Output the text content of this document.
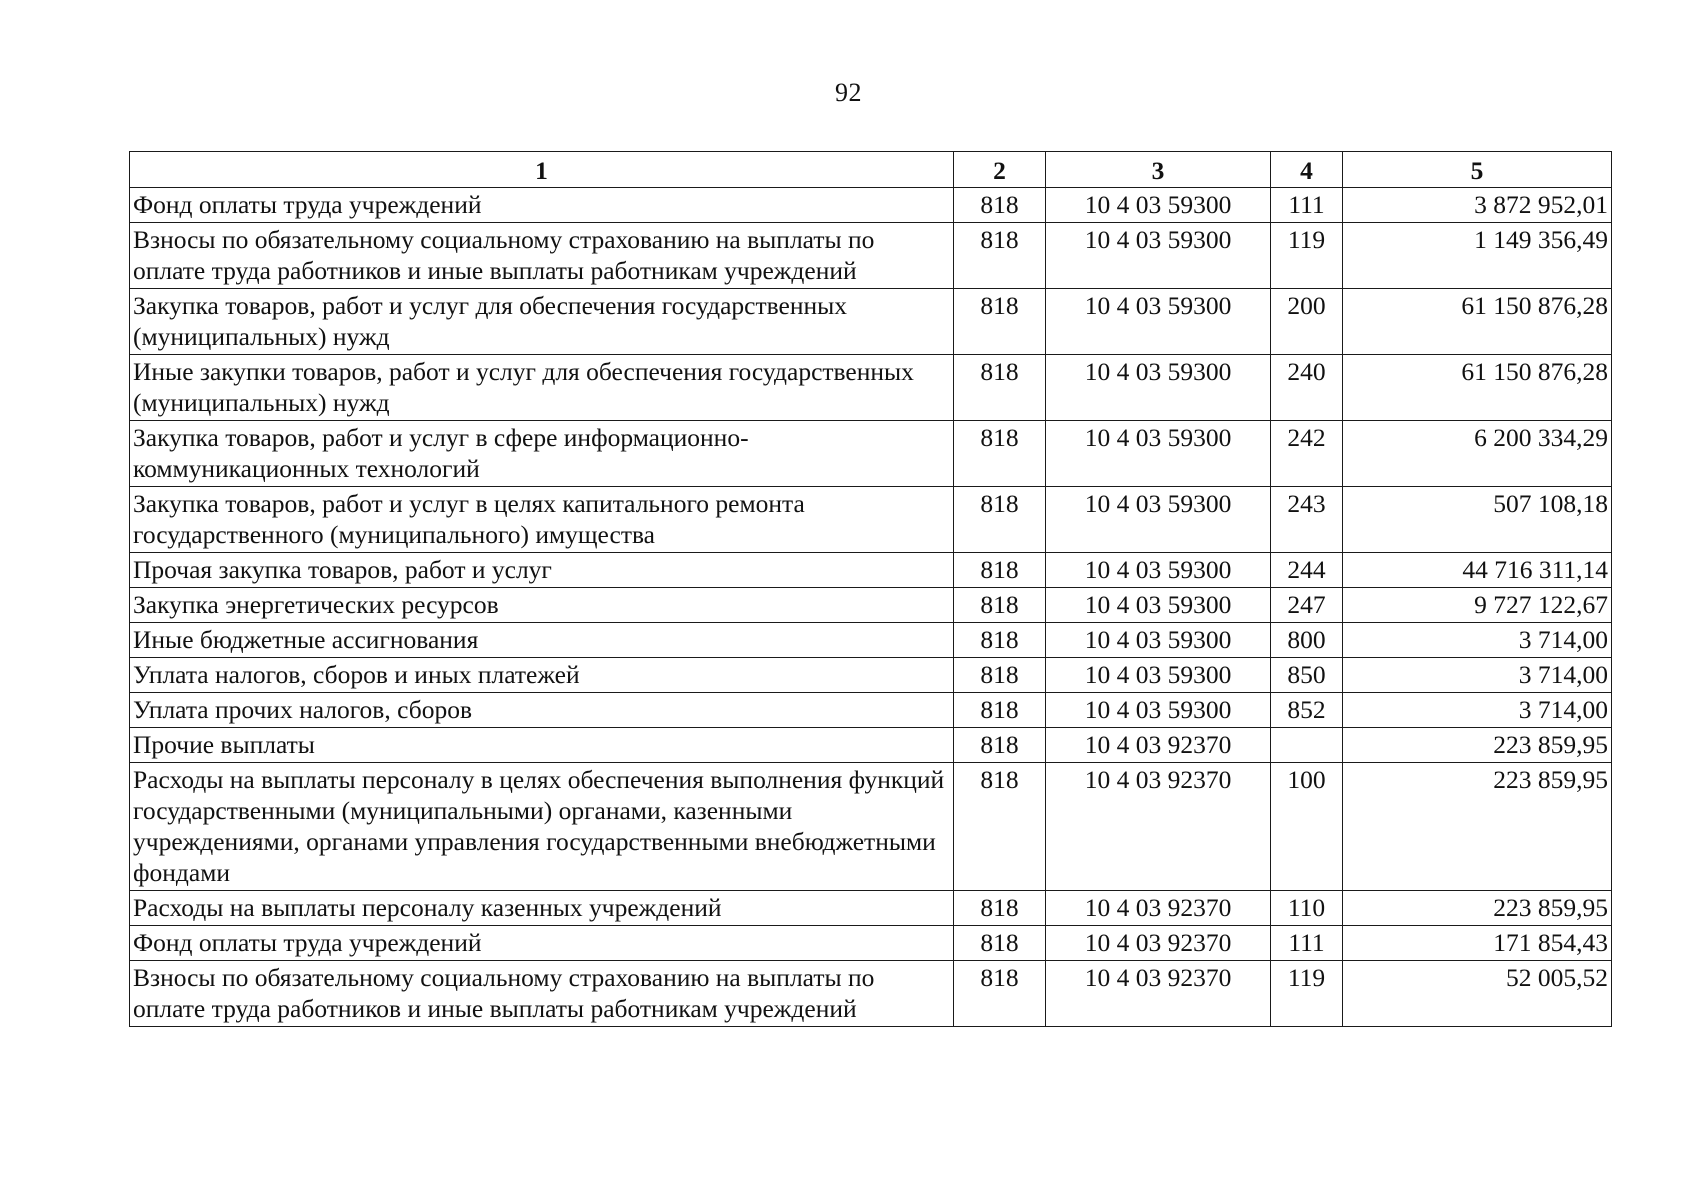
92
1	2	3	4	5
Фонд оплаты труда учреждений	818	10 4 03 59300	111	3 872 952,01
Взносы по обязательному социальному страхованию на выплаты по оплате труда работников и иные выплаты работникам учреждений	818	10 4 03 59300	119	1 149 356,49
Закупка товаров, работ и услуг для обеспечения государственных (муниципальных) нужд	818	10 4 03 59300	200	61 150 876,28
Иные закупки товаров, работ и услуг для обеспечения государственных (муниципальных) нужд	818	10 4 03 59300	240	61 150 876,28
Закупка товаров, работ и услуг в сфере информационно-коммуникационных технологий	818	10 4 03 59300	242	6 200 334,29
Закупка товаров, работ и услуг в целях капитального ремонта государственного (муниципального) имущества	818	10 4 03 59300	243	507 108,18
Прочая закупка товаров, работ и услуг	818	10 4 03 59300	244	44 716 311,14
Закупка энергетических ресурсов	818	10 4 03 59300	247	9 727 122,67
Иные бюджетные ассигнования	818	10 4 03 59300	800	3 714,00
Уплата налогов, сборов и иных платежей	818	10 4 03 59300	850	3 714,00
Уплата прочих налогов, сборов	818	10 4 03 59300	852	3 714,00
Прочие выплаты	818	10 4 03 92370		223 859,95
Расходы на выплаты персоналу в целях обеспечения выполнения функций государственными (муниципальными) органами, казенными учреждениями, органами управления государственными внебюджетными фондами	818	10 4 03 92370	100	223 859,95
Расходы на выплаты персоналу казенных учреждений	818	10 4 03 92370	110	223 859,95
Фонд оплаты труда учреждений	818	10 4 03 92370	111	171 854,43
Взносы по обязательному социальному страхованию на выплаты по оплате труда работников и иные выплаты работникам учреждений	818	10 4 03 92370	119	52 005,52
